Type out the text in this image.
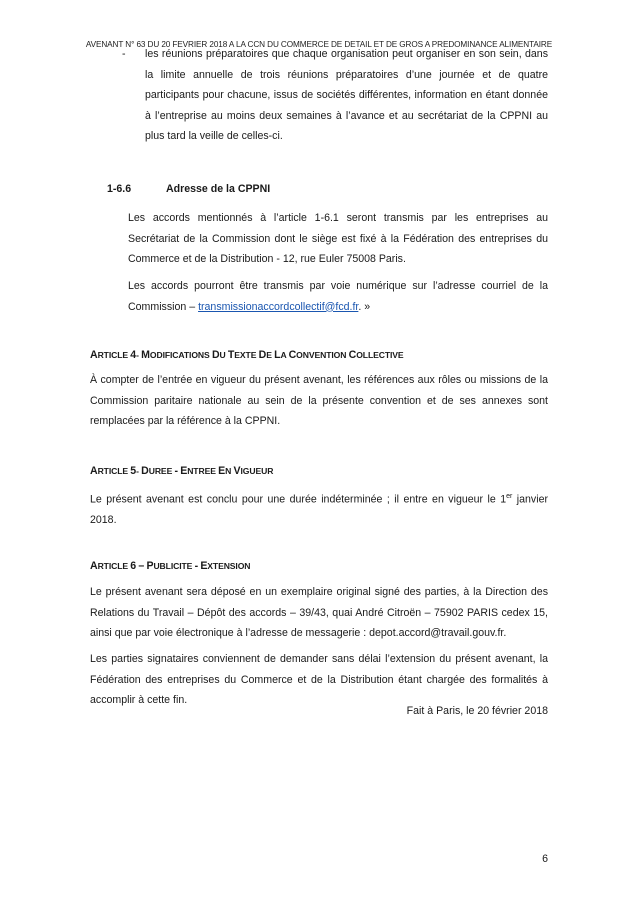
AVENANT N° 63 DU 20 FEVRIER 2018 A LA CCN DU COMMERCE DE DETAIL ET DE GROS A PREDOMINANCE ALIMENTAIRE
- les réunions préparatoires que chaque organisation peut organiser en son sein, dans la limite annuelle de trois réunions préparatoires d’une journée et de quatre participants pour chacune, issus de sociétés différentes, information en étant donnée à l’entreprise au moins deux semaines à l’avance et au secrétariat de la CPPNI au plus tard la veille de celles-ci.

1-6.6	Adresse de la CPPNI

Les accords mentionnés à l’article 1-6.1 seront transmis par les entreprises au Secrétariat de la Commission dont le siège est fixé à la Fédération des entreprises du Commerce et de la Distribution - 12, rue Euler 75008 Paris.

Les accords pourront être transmis par voie numérique sur l’adresse courriel de la Commission – transmissionaccordcollectif@fcd.fr. »

ARTICLE 4- MODIFICATIONS DU TEXTE DE LA CONVENTION COLLECTIVE

À compter de l’entrée en vigueur du présent avenant, les références aux rôles ou missions de la Commission paritaire nationale au sein de la présente convention et de ses annexes sont remplacées par la référence à la CPPNI.

ARTICLE 5- DUREE - ENTREE EN VIGUEUR

Le présent avenant est conclu pour une durée indéterminée ; il entre en vigueur le 1er janvier 2018.

ARTICLE 6 – PUBLICITE - EXTENSION

Le présent avenant sera déposé en un exemplaire original signé des parties, à la Direction des Relations du Travail – Dépôt des accords – 39/43, quai André Citroën – 75902 PARIS cedex 15, ainsi que par voie électronique à l’adresse de messagerie : depot.accord@travail.gouv.fr.

Les parties signataires conviennent de demander sans délai l’extension du présent avenant, la Fédération des entreprises du Commerce et de la Distribution étant chargée des formalités à accomplir à cette fin.

Fait à Paris, le 20 février 2018
6
